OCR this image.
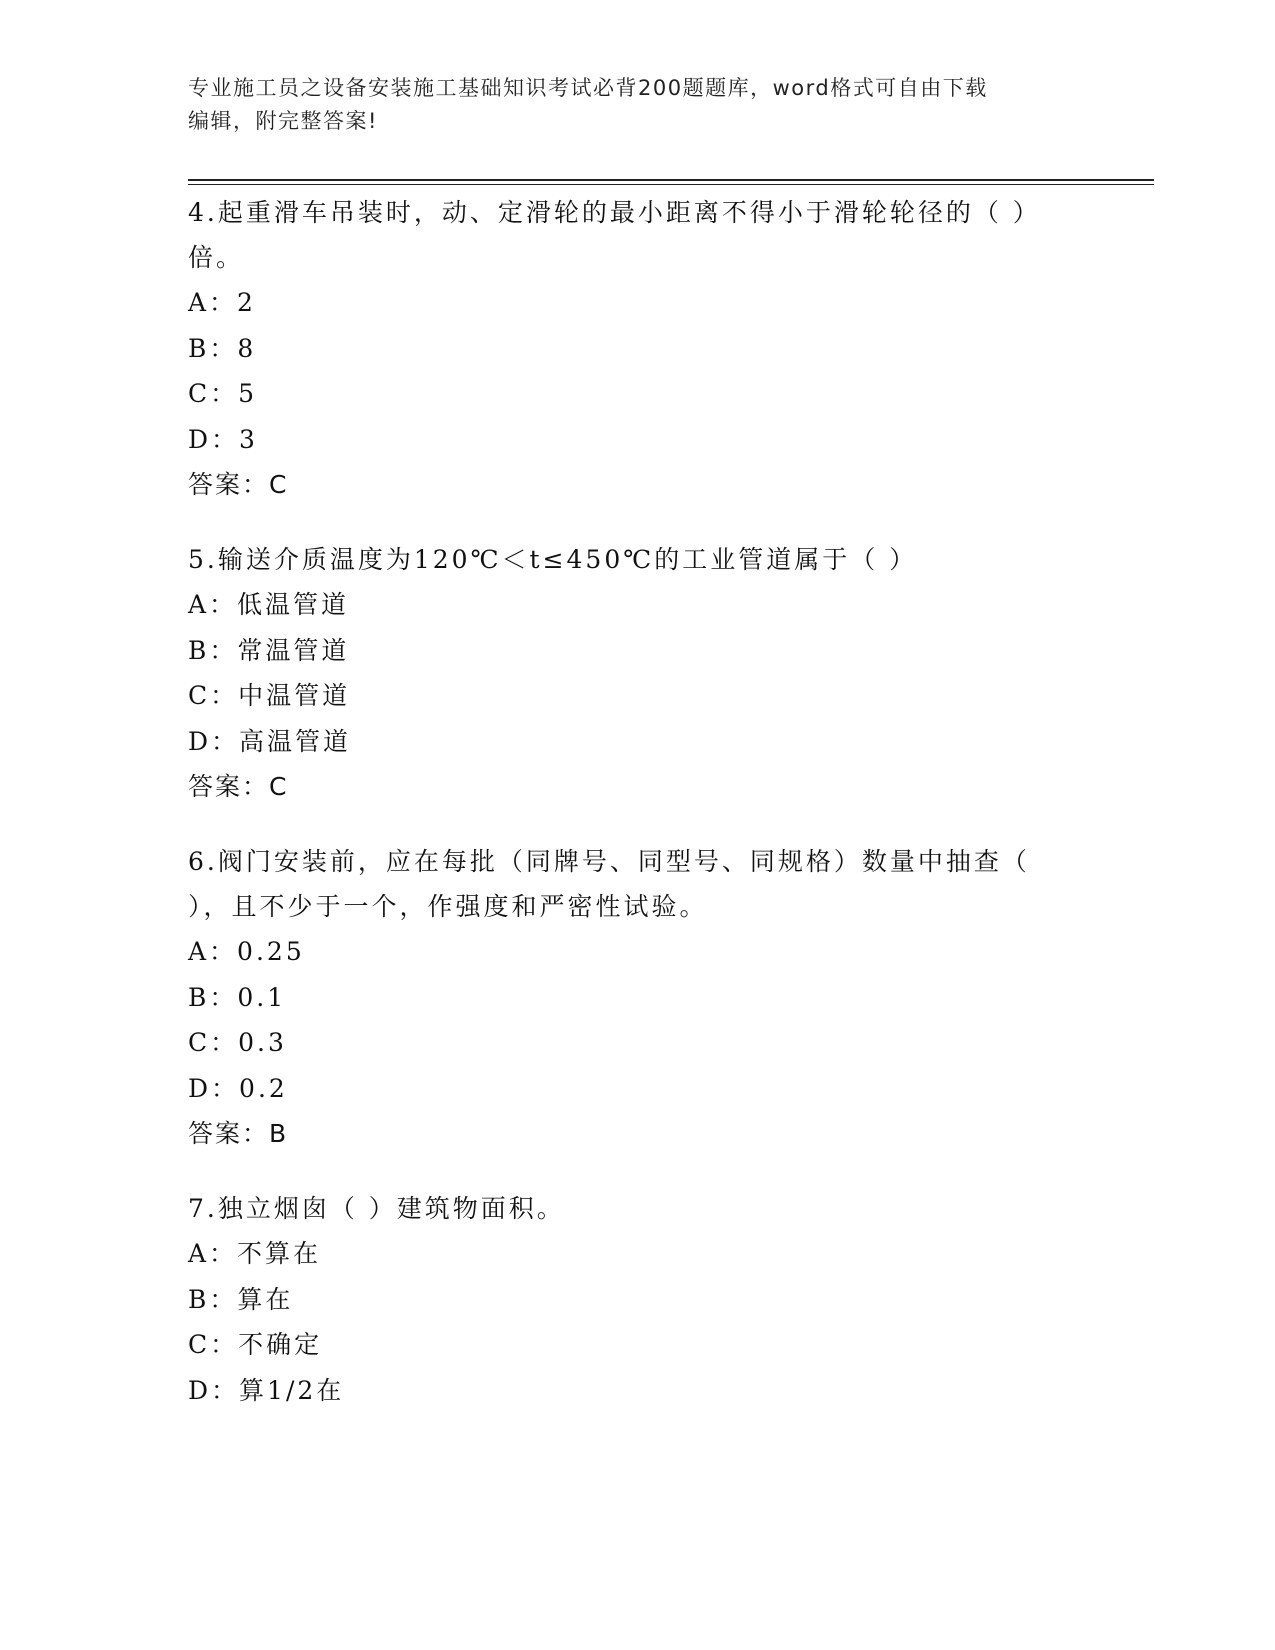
专业施工员之设备安装施工基础知识考试必背200题题库，word格式可自由下载
编辑，附完整答案!

4.起重滑车吊装时，动、定滑轮的最小距离不得小于滑轮轮径的（ ）

倍。

A：2

B：8

C：5

D：3

答案：C

5.输送介质温度为120℃＜t≤450℃的工业管道属于（ ）

A：低温管道

B：常温管道

C：中温管道

D：高温管道

答案：C

6.阀门安装前，应在每批（同牌号、同型号、同规格）数量中抽查（

），且不少于一个，作强度和严密性试验。

A：0.25

B：0.1

C：0.3

D：0.2

答案：B

7.独立烟囱（ ）建筑物面积。

A：不算在

B：算在

C：不确定

D：算1/2在
